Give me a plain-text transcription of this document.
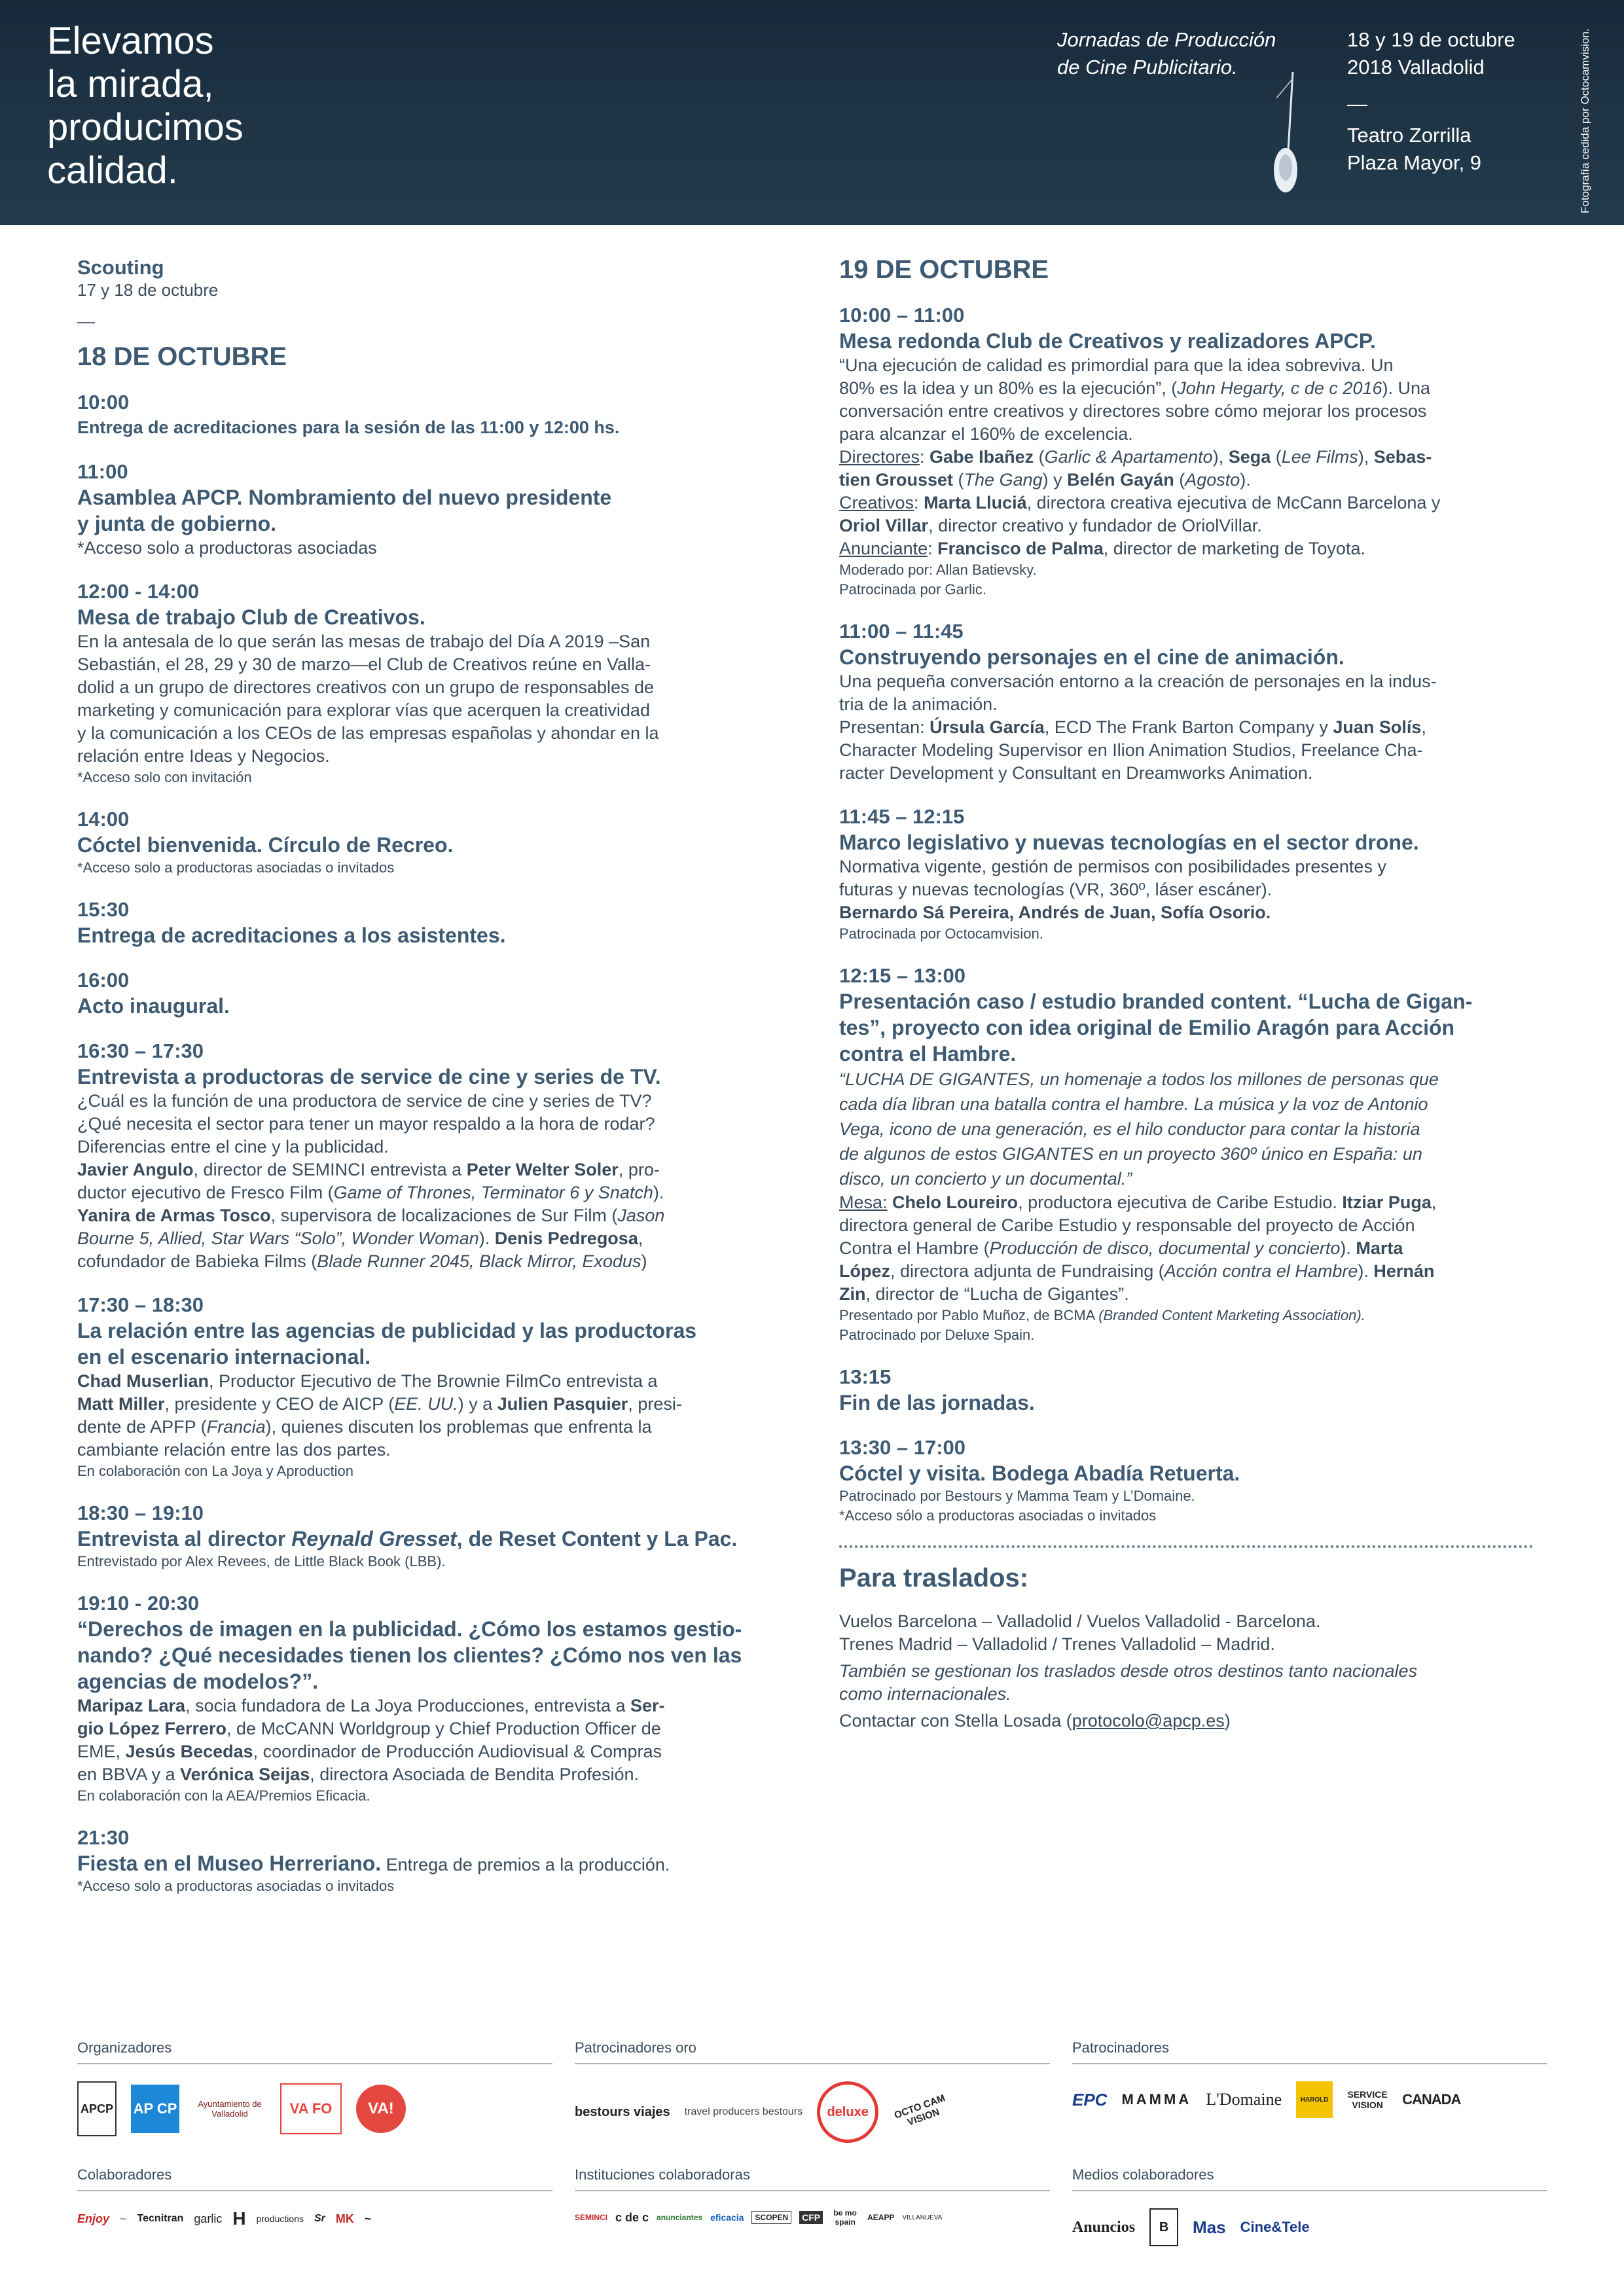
Elevamos
la mirada,
producimos
calidad.
Jornadas de Producción
de Cine Publicitario.
18 y 19 de octubre
2018 Valladolid
—
Teatro Zorrilla
Plaza Mayor, 9	Fotografía cedida por Octocamvision.
Scouting
17 y 18 de octubre
—
18 DE OCTUBRE
10:00
Entrega de acreditaciones para la sesión de las 11:00 y 12:00 hs.
11:00
Asamblea APCP. Nombramiento del nuevo presidente
y junta de gobierno.
*Acceso solo a productoras asociadas
12:00 - 14:00
Mesa de trabajo Club de Creativos.
En la antesala de lo que serán las mesas de trabajo del Día A 2019 –San
Sebastián, el 28, 29 y 30 de marzo—el Club de Creativos reúne en Valla-
dolid a un grupo de directores creativos con un grupo de responsables de
marketing y comunicación para explorar vías que acerquen la creatividad
y la comunicación a los CEOs de las empresas españolas y ahondar en la
relación entre Ideas y Negocios.
*Acceso solo con invitación
14:00
Cóctel bienvenida. Círculo de Recreo.
*Acceso solo a productoras asociadas o invitados
15:30
Entrega de acreditaciones a los asistentes.
16:00
Acto inaugural.
16:30 – 17:30
Entrevista a productoras de service de cine y series de TV.
¿Cuál es la función de una productora de service de cine y series de TV?
¿Qué necesita el sector para tener un mayor respaldo a la hora de rodar?
Diferencias entre el cine y la publicidad.
Javier Angulo, director de SEMINCI entrevista a Peter Welter Soler, pro-
ductor ejecutivo de Fresco Film (Game of Thrones, Terminator 6 y Snatch).
Yanira de Armas Tosco, supervisora de localizaciones de Sur Film (Jason
Bourne 5, Allied, Star Wars “Solo”, Wonder Woman). Denis Pedregosa,
cofundador de Babieka Films (Blade Runner 2045, Black Mirror, Exodus)
17:30 – 18:30
La relación entre las agencias de publicidad y las productoras
en el escenario internacional.
Chad Muserlian, Productor Ejecutivo de The Brownie FilmCo entrevista a
Matt Miller, presidente y CEO de AICP (EE. UU.) y a Julien Pasquier, presi-
dente de APFP (Francia), quienes discuten los problemas que enfrenta la
cambiante relación entre las dos partes.
En colaboración con La Joya y Aproduction
18:30 – 19:10
Entrevista al director Reynald Gresset, de Reset Content y La Pac.
Entrevistado por Alex Revees, de Little Black Book (LBB).
19:10 - 20:30
“Derechos de imagen en la publicidad. ¿Cómo los estamos gestio-
nando? ¿Qué necesidades tienen los clientes? ¿Cómo nos ven las
agencias de modelos?”.
Maripaz Lara, socia fundadora de La Joya Producciones, entrevista a Ser-
gio López Ferrero, de McCANN Worldgroup y Chief Production Officer de
EME, Jesús Becedas, coordinador de Producción Audiovisual & Compras
en BBVA y a Verónica Seijas, directora Asociada de Bendita Profesión.
En colaboración con la AEA/Premios Eficacia.
21:30
Fiesta en el Museo Herreriano. Entrega de premios a la producción.
*Acceso solo a productoras asociadas o invitados
19 DE OCTUBRE
10:00 – 11:00
Mesa redonda Club de Creativos y realizadores APCP.
“Una ejecución de calidad es primordial para que la idea sobreviva. Un
80% es la idea y un 80% es la ejecución”, (John Hegarty, c de c 2016). Una
conversación entre creativos y directores sobre cómo mejorar los procesos
para alcanzar el 160% de excelencia.
Directores: Gabe Ibañez (Garlic & Apartamento), Sega (Lee Films), Sebas-
tien Grousset (The Gang) y Belén Gayán (Agosto).
Creativos: Marta Lluciá, directora creativa ejecutiva de McCann Barcelona y
Oriol Villar, director creativo y fundador de OriolVillar.
Anunciante: Francisco de Palma, director de marketing de Toyota.
Moderado por: Allan Batievsky.
Patrocinada por Garlic.
11:00 – 11:45
Construyendo personajes en el cine de animación.
Una pequeña conversación entorno a la creación de personajes en la indus-
tria de la animación.
Presentan: Úrsula García, ECD The Frank Barton Company y Juan Solís,
Character Modeling Supervisor en Ilion Animation Studios, Freelance Cha-
racter Development y Consultant en Dreamworks Animation.
11:45 – 12:15
Marco legislativo y nuevas tecnologías en el sector drone.
Normativa vigente, gestión de permisos con posibilidades presentes y
futuras y nuevas tecnologías (VR, 360º, láser escáner).
Bernardo Sá Pereira, Andrés de Juan, Sofía Osorio.
Patrocinada por Octocamvision.
12:15 – 13:00
Presentación caso / estudio branded content. “Lucha de Gigan-
tes”, proyecto con idea original de Emilio Aragón para Acción
contra el Hambre.
“LUCHA DE GIGANTES, un homenaje a todos los millones de personas que
cada día libran una batalla contra el hambre. La música y la voz de Antonio
Vega, icono de una generación, es el hilo conductor para contar la historia
de algunos de estos GIGANTES en un proyecto 360º único en España: un
disco, un concierto y un documental.”
Mesa: Chelo Loureiro, productora ejecutiva de Caribe Estudio. Itziar Puga,
directora general de Caribe Estudio y responsable del proyecto de Acción
Contra el Hambre (Producción de disco, documental y concierto). Marta
López, directora adjunta de Fundraising (Acción contra el Hambre). Hernán
Zin, director de “Lucha de Gigantes”.
Presentado por Pablo Muñoz, de BCMA (Branded Content Marketing Association).
Patrocinado por Deluxe Spain.
13:15
Fin de las jornadas.
13:30 – 17:00
Cóctel y visita. Bodega Abadía Retuerta.
Patrocinado por Bestours y Mamma Team y L’Domaine.
*Acceso sólo a productoras asociadas o invitados
Para traslados:
Vuelos Barcelona – Valladolid / Vuelos Valladolid - Barcelona.
Trenes Madrid – Valladolid / Trenes Valladolid – Madrid.
También se gestionan los traslados desde otros destinos tanto nacionales
como internacionales.
Contactar con Stella Losada (protocolo@apcp.es)
Organizadores
APCP AP CP	Ayuntamiento de Valladolid	VA FO	VA!
Patrocinadores oro
bestours viajes travel producers bestours	deluxe	OCTO CAM VISION
Patrocinadores
EPC MAMMA L'Domaine	HAROLD	SERVICE VISION	CANADA
Colaboradores
Enjoy ~ Tecnitran garlic H productions Sr MK ~
Instituciones colaboradoras
SEMINCI c de c anunciantes eficacia	SCOPEN	CFP	be mo spain	AEAPP VILLANUEVA
Medios colaboradores
Anuncios	B	Mas Cine&Tele
